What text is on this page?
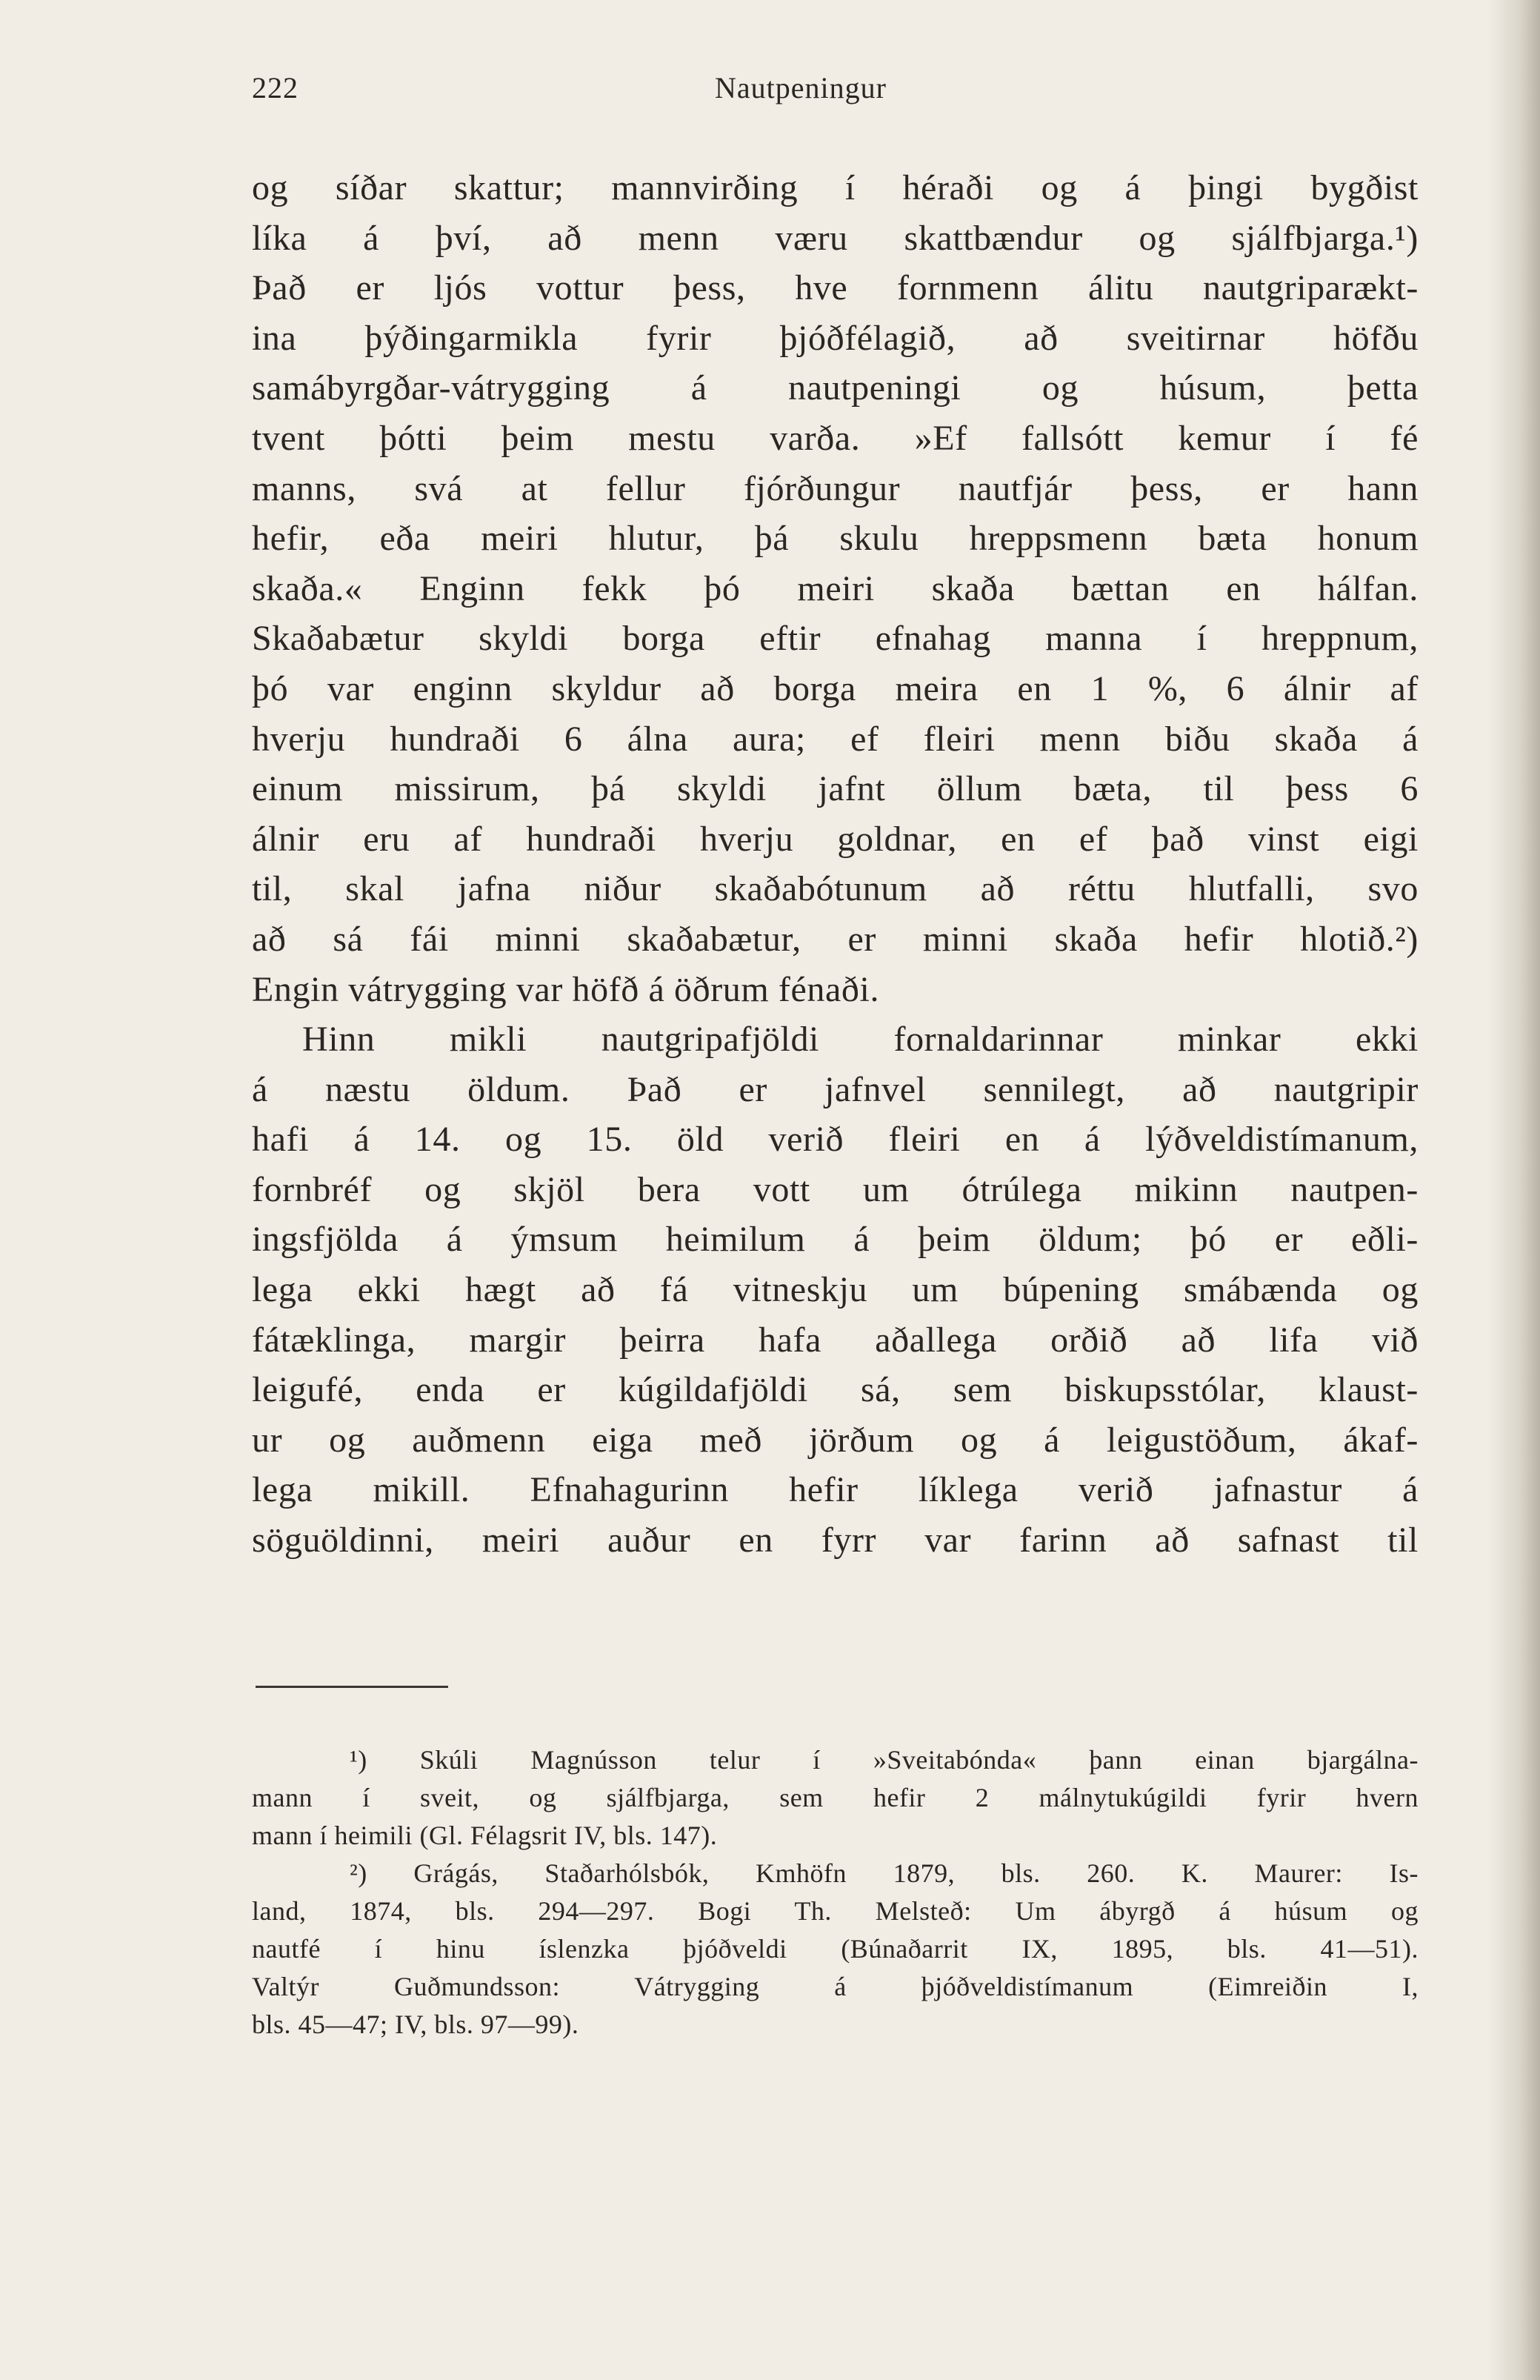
222	Nautpeningur
og síðar skattur; mannvirðing í héraði og á þingi bygðist
líka á því, að menn væru skattbændur og sjálfbjarga.¹)
Það er ljós vottur þess, hve fornmenn álitu nautgriparækt-
ina þýðingarmikla fyrir þjóðfélagið, að sveitirnar höfðu
samábyrgðar-vátrygging á nautpeningi og húsum, þetta
tvent þótti þeim mestu varða. »Ef fallsótt kemur í fé
manns, svá at fellur fjórðungur nautfjár þess, er hann
hefir, eða meiri hlutur, þá skulu hreppsmenn bæta honum
skaða.« Enginn fekk þó meiri skaða bættan en hálfan.
Skaðabætur skyldi borga eftir efnahag manna í hreppnum,
þó var enginn skyldur að borga meira en 1 %, 6 álnir af
hverju hundraði 6 álna aura; ef fleiri menn biðu skaða á
einum missirum, þá skyldi jafnt öllum bæta, til þess 6
álnir eru af hundraði hverju goldnar, en ef það vinst eigi
til, skal jafna niður skaðabótunum að réttu hlutfalli, svo
að sá fái minni skaðabætur, er minni skaða hefir hlotið.²)
Engin vátrygging var höfð á öðrum fénaði.
Hinn mikli nautgripafjöldi fornaldarinnar minkar ekki
á næstu öldum. Það er jafnvel sennilegt, að nautgripir
hafi á 14. og 15. öld verið fleiri en á lýðveldistímanum,
fornbréf og skjöl bera vott um ótrúlega mikinn nautpen-
ingsfjölda á ýmsum heimilum á þeim öldum; þó er eðli-
lega ekki hægt að fá vitneskju um búpening smábænda og
fátæklinga, margir þeirra hafa aðallega orðið að lifa við
leigufé, enda er kúgildafjöldi sá, sem biskupsstólar, klaust-
ur og auðmenn eiga með jörðum og á leigustöðum, ákaf-
lega mikill. Efnahagurinn hefir líklega verið jafnastur á
söguöldinni, meiri auður en fyrr var farinn að safnast til
¹) Skúli Magnússon telur í »Sveitabónda« þann einan bjargálna-
mann í sveit, og sjálfbjarga, sem hefir 2 málnytukúgildi fyrir hvern
mann í heimili (Gl. Félagsrit IV, bls. 147).
²) Grágás, Staðarhólsbók, Kmhöfn 1879, bls. 260. K. Maurer: Is-
land, 1874, bls. 294—297. Bogi Th. Melsteð: Um ábyrgð á húsum og
nautfé í hinu íslenzka þjóðveldi (Búnaðarrit IX, 1895, bls. 41—51).
Valtýr Guðmundsson: Vátrygging á þjóðveldistímanum (Eimreiðin I,
bls. 45—47; IV, bls. 97—99).
